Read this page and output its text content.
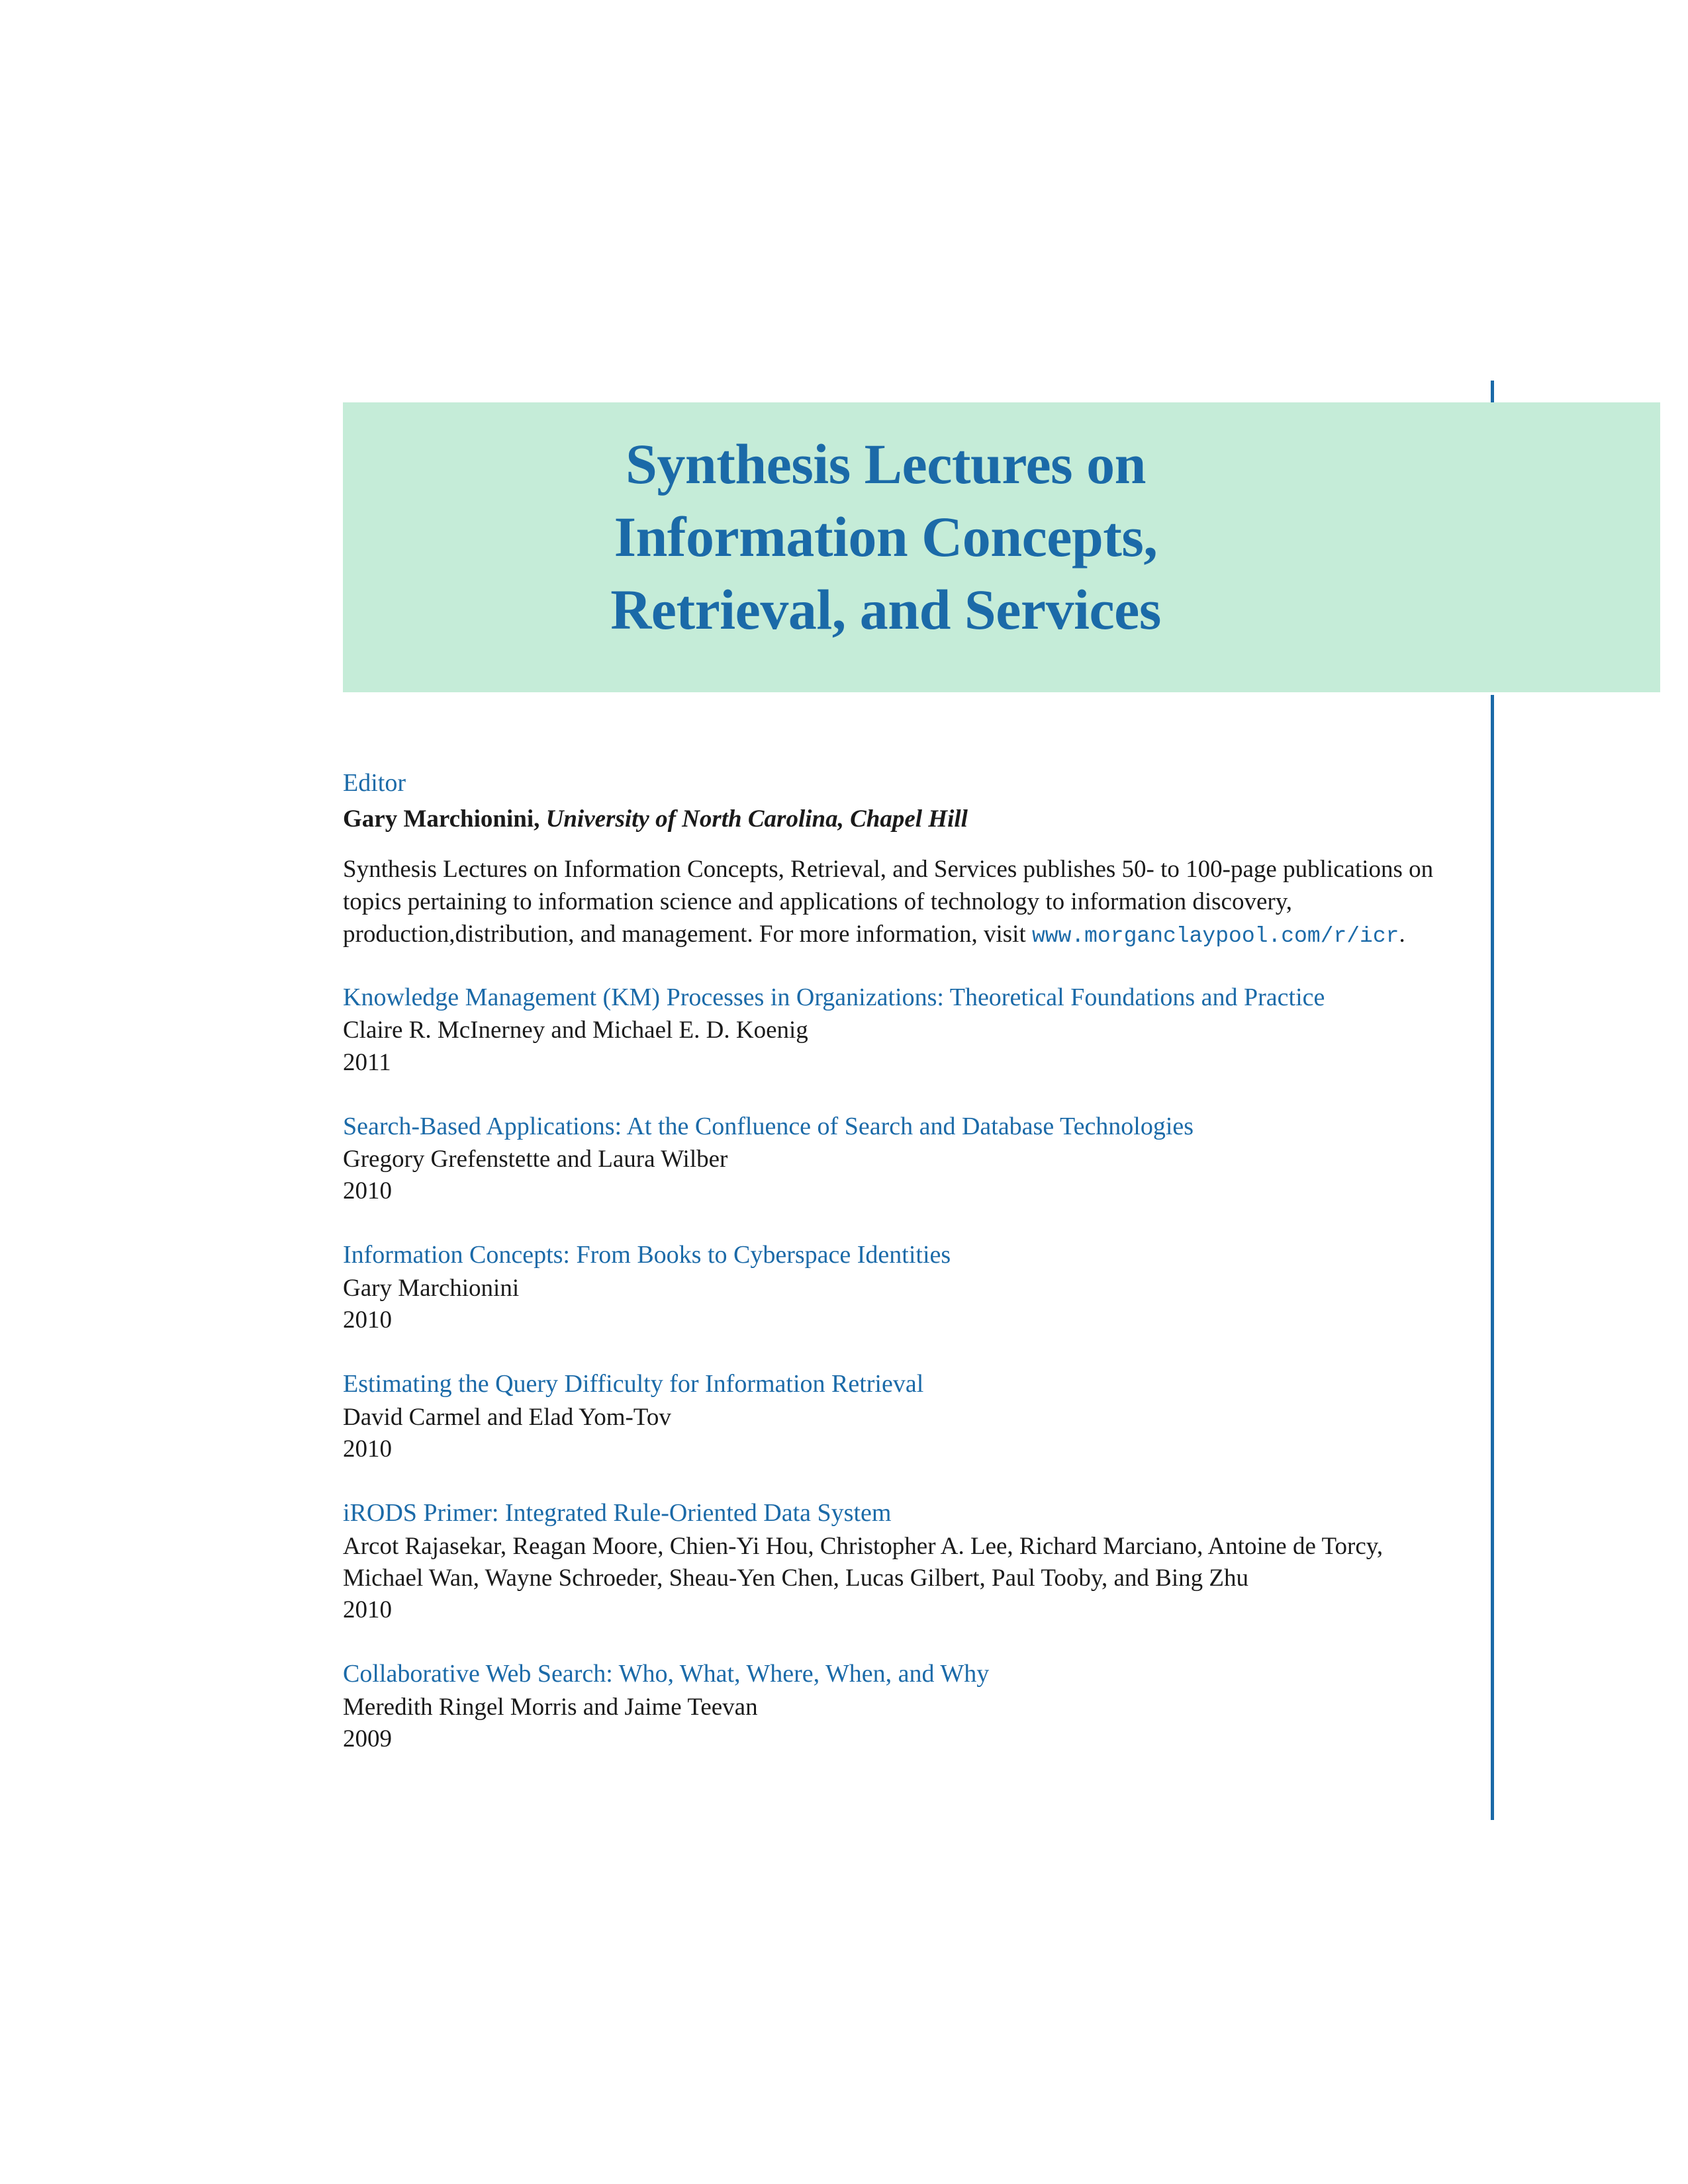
Synthesis Lectures on
Information Concepts,
Retrieval, and Services
Editor
Gary Marchionini, University of North Carolina, Chapel Hill
Synthesis Lectures on Information Concepts, Retrieval, and Services publishes 50- to 100-page publications on topics pertaining to information science and applications of technology to information discovery, production,distribution, and management. For more information, visit www.morganclaypool.com/r/icr.
Knowledge Management (KM) Processes in Organizations: Theoretical Foundations and Practice
Claire R. McInerney and Michael E. D. Koenig
2011
Search-Based Applications: At the Confluence of Search and Database Technologies
Gregory Grefenstette and Laura Wilber
2010
Information Concepts: From Books to Cyberspace Identities
Gary Marchionini
2010
Estimating the Query Difficulty for Information Retrieval
David Carmel and Elad Yom-Tov
2010
iRODS Primer: Integrated Rule-Oriented Data System
Arcot Rajasekar, Reagan Moore, Chien-Yi Hou, Christopher A. Lee, Richard Marciano, Antoine de Torcy, Michael Wan, Wayne Schroeder, Sheau-Yen Chen, Lucas Gilbert, Paul Tooby, and Bing Zhu
2010
Collaborative Web Search: Who, What, Where, When, and Why
Meredith Ringel Morris and Jaime Teevan
2009
